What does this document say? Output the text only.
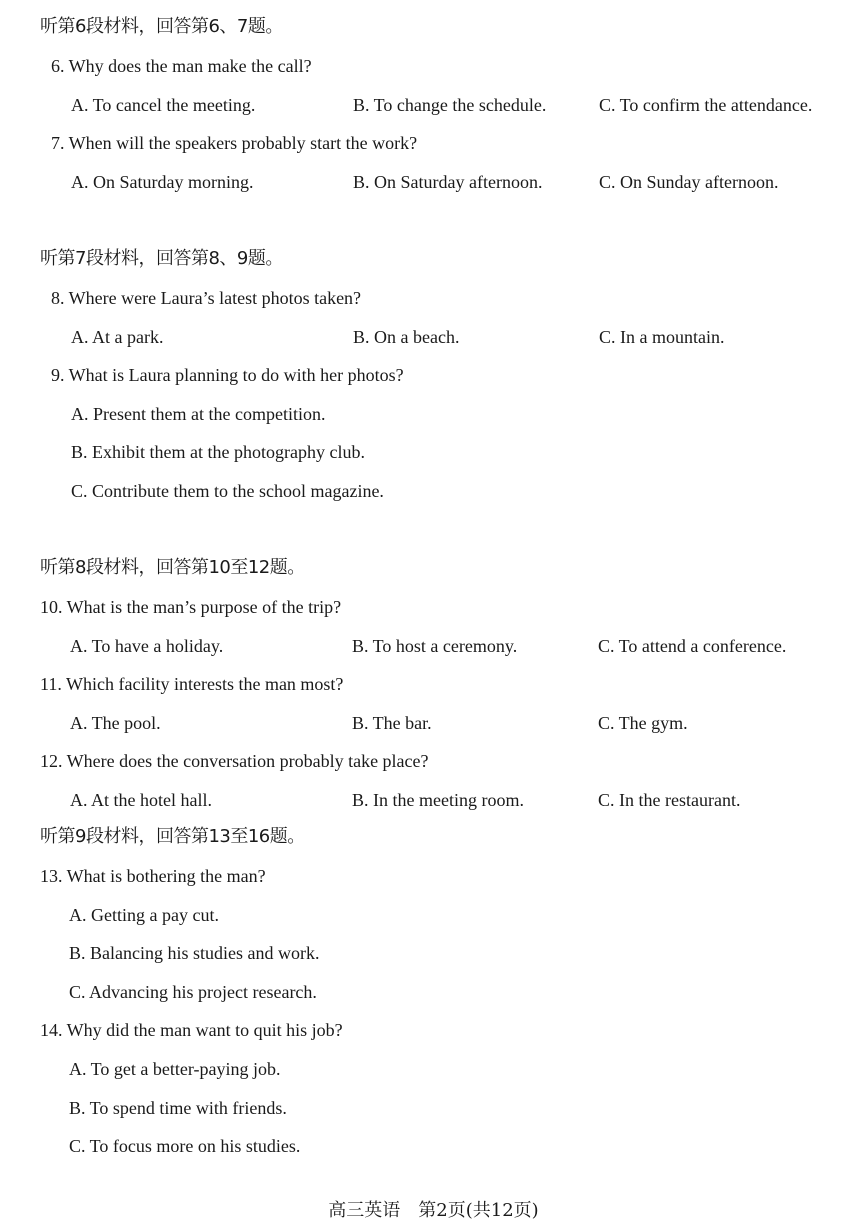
听第6段材料，回答第6、7题。
6. Why does the man make the call?
A. To cancel the meeting.	B. To change the schedule.	C. To confirm the attendance.
7. When will the speakers probably start the work?
A. On Saturday morning.	B. On Saturday afternoon.	C. On Sunday afternoon.
听第7段材料，回答第8、9题。
8. Where were Laura’s latest photos taken?
A. At a park.	B. On a beach.	C. In a mountain.
9. What is Laura planning to do with her photos?
A. Present them at the competition.
B. Exhibit them at the photography club.
C. Contribute them to the school magazine.
听第8段材料，回答第10至12题。
10. What is the man’s purpose of the trip?
A. To have a holiday.	B. To host a ceremony.	C. To attend a conference.
11. Which facility interests the man most?
A. The pool.	B. The bar.	C. The gym.
12. Where does the conversation probably take place?
A. At the hotel hall.	B. In the meeting room.	C. In the restaurant.
听第9段材料，回答第13至16题。
13. What is bothering the man?
A. Getting a pay cut.
B. Balancing his studies and work.
C. Advancing his project research.
14. Why did the man want to quit his job?
A. To get a better-paying job.
B. To spend time with friends.
C. To focus more on his studies.
高三英语　第2页(共12页)
